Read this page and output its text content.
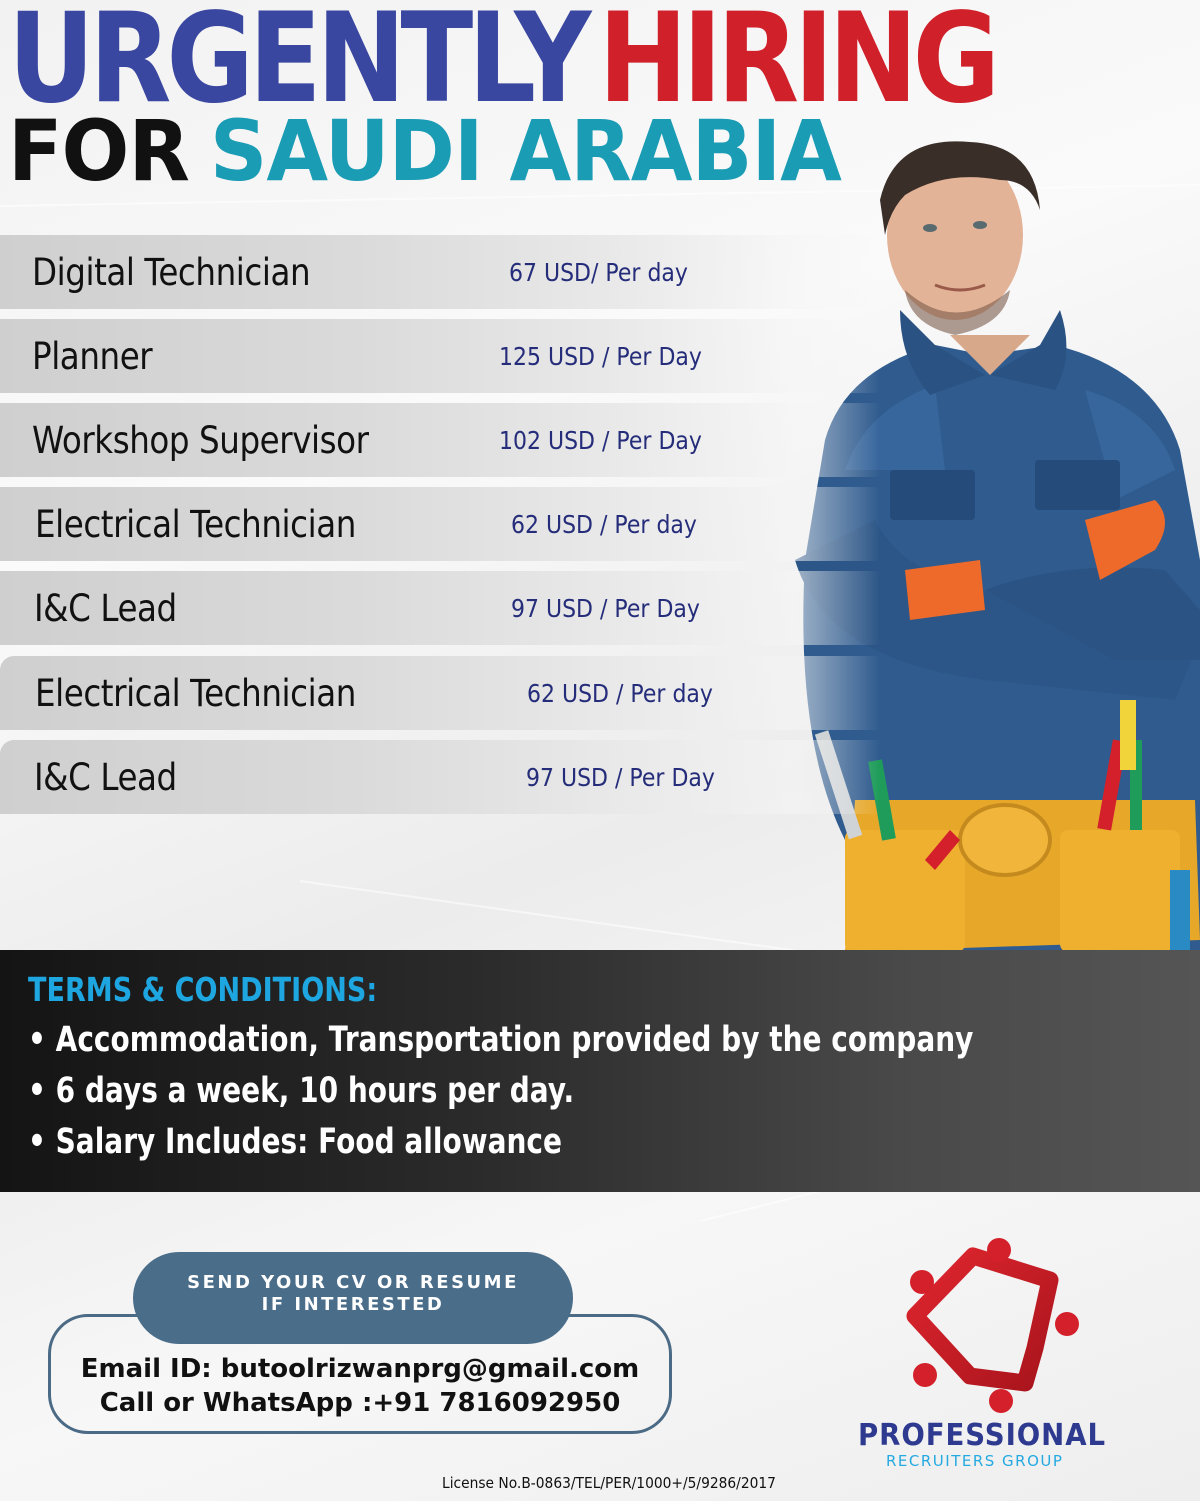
URGENTLYHIRING
FOR SAUDI ARABIA
Digital Technician	67 USD/ Per day
Planner	125 USD / Per Day
Workshop Supervisor	102 USD / Per Day
Electrical Technician	62 USD / Per day
I&C Lead	97 USD / Per Day
Electrical Technician	62 USD / Per day
I&C Lead	97 USD / Per Day
TERMS & CONDITIONS:
• Accommodation, Transportation provided by the company
• 6 days a week, 10 hours per day.
• Salary Includes: Food allowance
Email ID: butoolrizwanprg@gmail.com
Call or WhatsApp :+91 7816092950
SEND YOUR CV OR RESUME IF INTERESTED
PROFESSIONAL
RECRUITERS GROUP
License No.B-0863/TEL/PER/1000+/5/9286/2017
